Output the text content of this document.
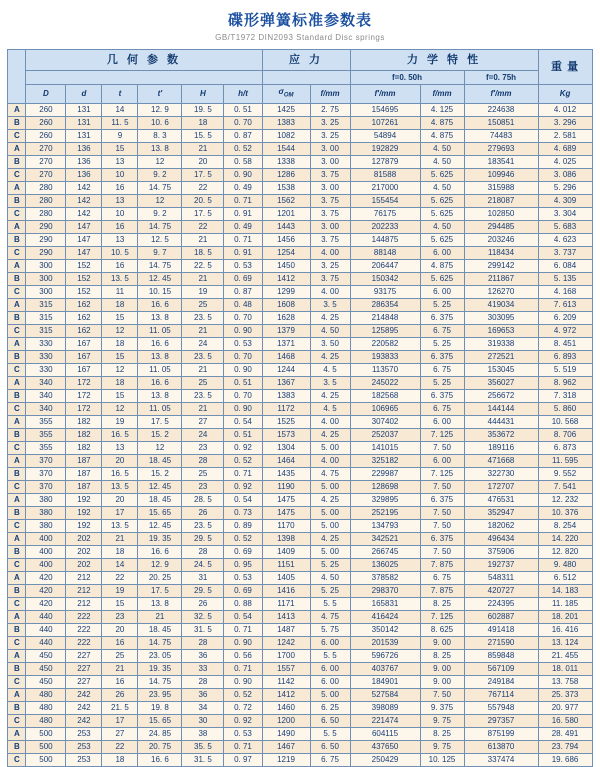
碟形弹簧标准参数表
GB/T1972 DIN2093 Standard Disc springs
	几 何 参 数						应 力		力 学 特 性			重 量
									f=0. 50h		f=0. 75h	
	D	d	t	t'	H	h/t	$\sigma_{OM}$	f/mm	f'/mm	f/mm	f'/mm	Kg
A	260	131	14	12. 9	19. 5	0. 51	1425	2. 75	154695	4. 125	224638	4. 012
B	260	131	11. 5	10. 6	18	0. 70	1383	3. 25	107261	4. 875	150851	3. 296
C	260	131	9	8. 3	15. 5	0. 87	1082	3. 25	54894	4. 875	74483	2. 581
A	270	136	15	13. 8	21	0. 52	1544	3. 00	192829	4. 50	279693	4. 689
B	270	136	13	12	20	0. 58	1338	3. 00	127879	4. 50	183541	4. 025
C	270	136	10	9. 2	17. 5	0. 90	1286	3. 75	81588	5. 625	109946	3. 086
A	280	142	16	14. 75	22	0. 49	1538	3. 00	217000	4. 50	315988	5. 296
B	280	142	13	12	20. 5	0. 71	1562	3. 75	155454	5. 625	218087	4. 309
C	280	142	10	9. 2	17. 5	0. 91	1201	3. 75	76175	5. 625	102850	3. 304
A	290	147	16	14. 75	22	0. 49	1443	3. 00	202233	4. 50	294485	5. 683
B	290	147	13	12. 5	21	0. 71	1456	3. 75	144875	5. 625	203246	4. 623
C	290	147	10. 5	9. 7	18. 5	0. 91	1254	4. 00	88148	6. 00	118434	3. 737
A	300	152	16	14. 75	22. 5	0. 53	1450	3. 25	206447	4. 875	299142	6. 084
B	300	152	13. 5	12. 45	21	0. 69	1412	3. 75	150342	5. 625	211867	5. 135
C	300	152	11	10. 15	19	0. 87	1299	4. 00	93175	6. 00	126270	4. 168
A	315	162	18	16. 6	25	0. 48	1608	3. 5	286354	5. 25	419034	7. 613
B	315	162	15	13. 8	23. 5	0. 70	1628	4. 25	214848	6. 375	303095	6. 209
C	315	162	12	11. 05	21	0. 90	1379	4. 50	125895	6. 75	169653	4. 972
A	330	167	18	16. 6	24	0. 53	1371	3. 50	220582	5. 25	319338	8. 451
B	330	167	15	13. 8	23. 5	0. 70	1468	4. 25	193833	6. 375	272521	6. 893
C	330	167	12	11. 05	21	0. 90	1244	4. 5	113570	6. 75	153045	5. 519
A	340	172	18	16. 6	25	0. 51	1367	3. 5	245022	5. 25	356027	8. 962
B	340	172	15	13. 8	23. 5	0. 70	1383	4. 25	182568	6. 375	256672	7. 318
C	340	172	12	11. 05	21	0. 90	1172	4. 5	106965	6. 75	144144	5. 860
A	355	182	19	17. 5	27	0. 54	1525	4. 00	307402	6. 00	444431	10. 568
B	355	182	16. 5	15. 2	24	0. 51	1573	4. 25	252037	7. 125	353672	8. 706
C	355	182	13	12	23	0. 92	1304	5. 00	141015	7. 50	189116	6. 873
A	370	187	20	18. 45	28	0. 52	1464	4. 00	325182	6. 00	471668	11. 595
B	370	187	16. 5	15. 2	25	0. 71	1435	4. 75	229987	7. 125	322730	9. 552
C	370	187	13. 5	12. 45	23	0. 92	1190	5. 00	128698	7. 50	172707	7. 541
A	380	192	20	18. 45	28. 5	0. 54	1475	4. 25	329895	6. 375	476531	12. 232
B	380	192	17	15. 65	26	0. 73	1475	5. 00	252195	7. 50	352947	10. 376
C	380	192	13. 5	12. 45	23. 5	0. 89	1170	5. 00	134793	7. 50	182062	8. 254
A	400	202	21	19. 35	29. 5	0. 52	1398	4. 25	342521	6. 375	496434	14. 220
B	400	202	18	16. 6	28	0. 69	1409	5. 00	266745	7. 50	375906	12. 820
C	400	202	14	12. 9	24. 5	0. 95	1151	5. 25	136025	7. 875	192737	9. 480
A	420	212	22	20. 25	31	0. 53	1405	4. 50	378582	6. 75	548311	6. 512
B	420	212	19	17. 5	29. 5	0. 69	1416	5. 25	298370	7. 875	420727	14. 183
C	420	212	15	13. 8	26	0. 88	1171	5. 5	165831	8. 25	224395	11. 185
A	440	222	23	21	32. 5	0. 54	1413	4. 75	416424	7. 125	602887	18. 201
B	440	222	20	18. 45	31. 5	0. 71	1487	5. 75	350142	8. 625	491418	16. 416
C	440	222	16	14. 75	28	0. 90	1242	6. 00	201539	9. 00	271590	13. 124
A	450	227	25	23. 05	36	0. 56	1700	5. 5	596726	8. 25	859848	21. 455
B	450	227	21	19. 35	33	0. 71	1557	6. 00	403767	9. 00	567109	18. 011
C	450	227	16	14. 75	28	0. 90	1142	6. 00	184901	9. 00	249184	13. 758
A	480	242	26	23. 95	36	0. 52	1412	5. 00	527584	7. 50	767114	25. 373
B	480	242	21. 5	19. 8	34	0. 72	1460	6. 25	398089	9. 375	557948	20. 977
C	480	242	17	15. 65	30	0. 92	1200	6. 50	221474	9. 75	297357	16. 580
A	500	253	27	24. 85	38	0. 53	1490	5. 5	604115	8. 25	875199	28. 491
B	500	253	22	20. 75	35. 5	0. 71	1467	6. 50	437650	9. 75	613870	23. 794
C	500	253	18	16. 6	31. 5	0. 97	1219	6. 75	250429	10. 125	337474	19. 686
